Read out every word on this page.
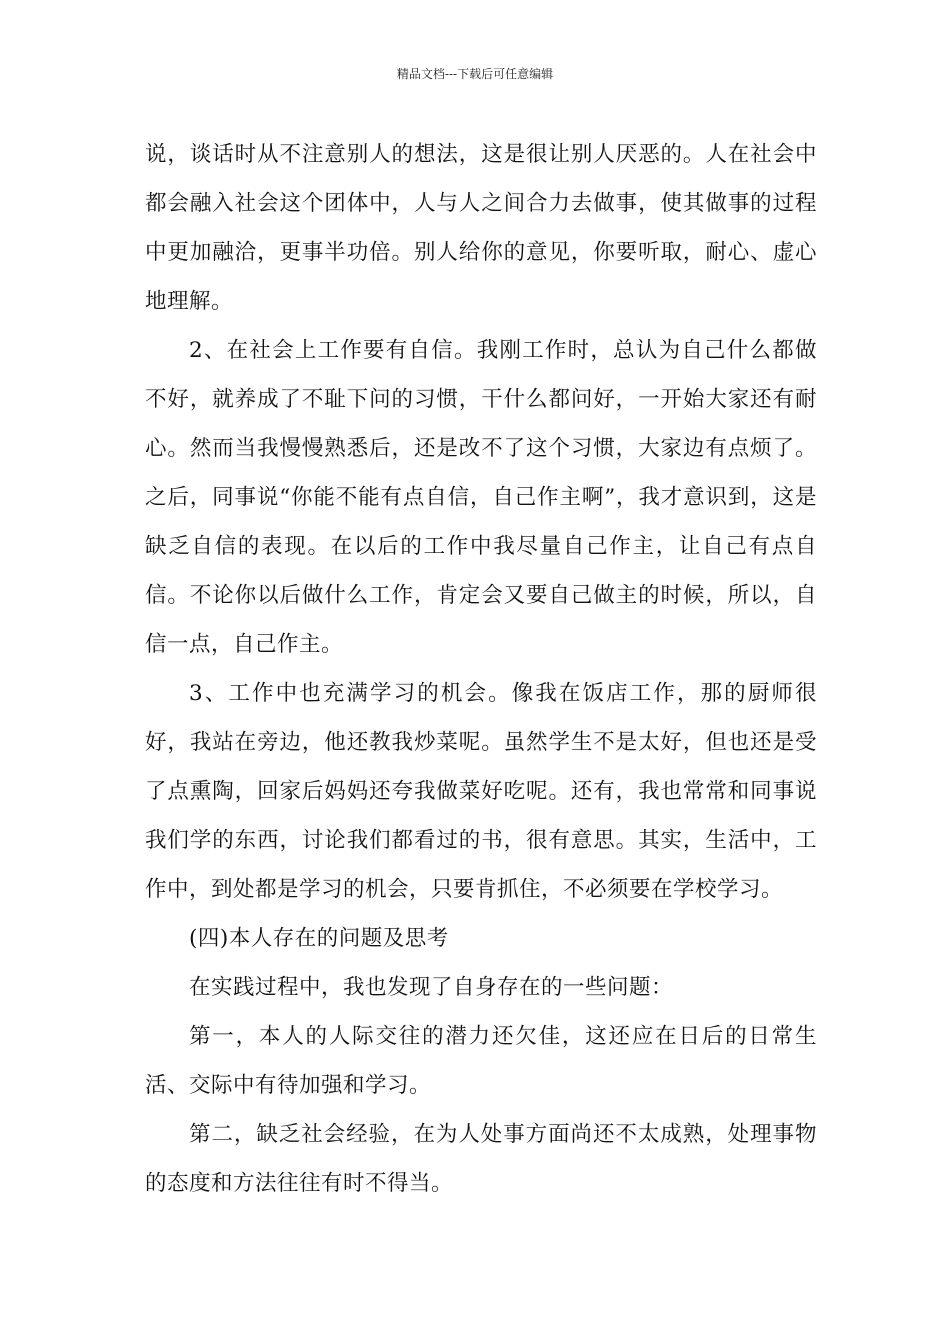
精品文档---下载后可任意编辑

说，谈话时从不注意别人的想法，这是很让别人厌恶的。人在社会中都会融入社会这个团体中，人与人之间合力去做事，使其做事的过程中更加融洽，更事半功倍。别人给你的意见，你要听取，耐心、虚心地理解。

2、在社会上工作要有自信。我刚工作时，总认为自己什么都做不好，就养成了不耻下问的习惯，干什么都问好，一开始大家还有耐心。然而当我慢慢熟悉后，还是改不了这个习惯，大家边有点烦了。之后，同事说“你能不能有点自信，自己作主啊”，我才意识到，这是缺乏自信的表现。在以后的工作中我尽量自己作主，让自己有点自信。不论你以后做什么工作，肯定会又要自己做主的时候，所以，自信一点，自己作主。

3、工作中也充满学习的机会。像我在饭店工作，那的厨师很好，我站在旁边，他还教我炒菜呢。虽然学生不是太好，但也还是受了点熏陶，回家后妈妈还夸我做菜好吃呢。还有，我也常常和同事说我们学的东西，讨论我们都看过的书，很有意思。其实，生活中，工作中，到处都是学习的机会，只要肯抓住，不必须要在学校学习。

(四)本人存在的问题及思考

在实践过程中，我也发现了自身存在的一些问题：

第一，本人的人际交往的潜力还欠佳，这还应在日后的日常生活、交际中有待加强和学习。

第二，缺乏社会经验，在为人处事方面尚还不太成熟，处理事物的态度和方法往往有时不得当。
